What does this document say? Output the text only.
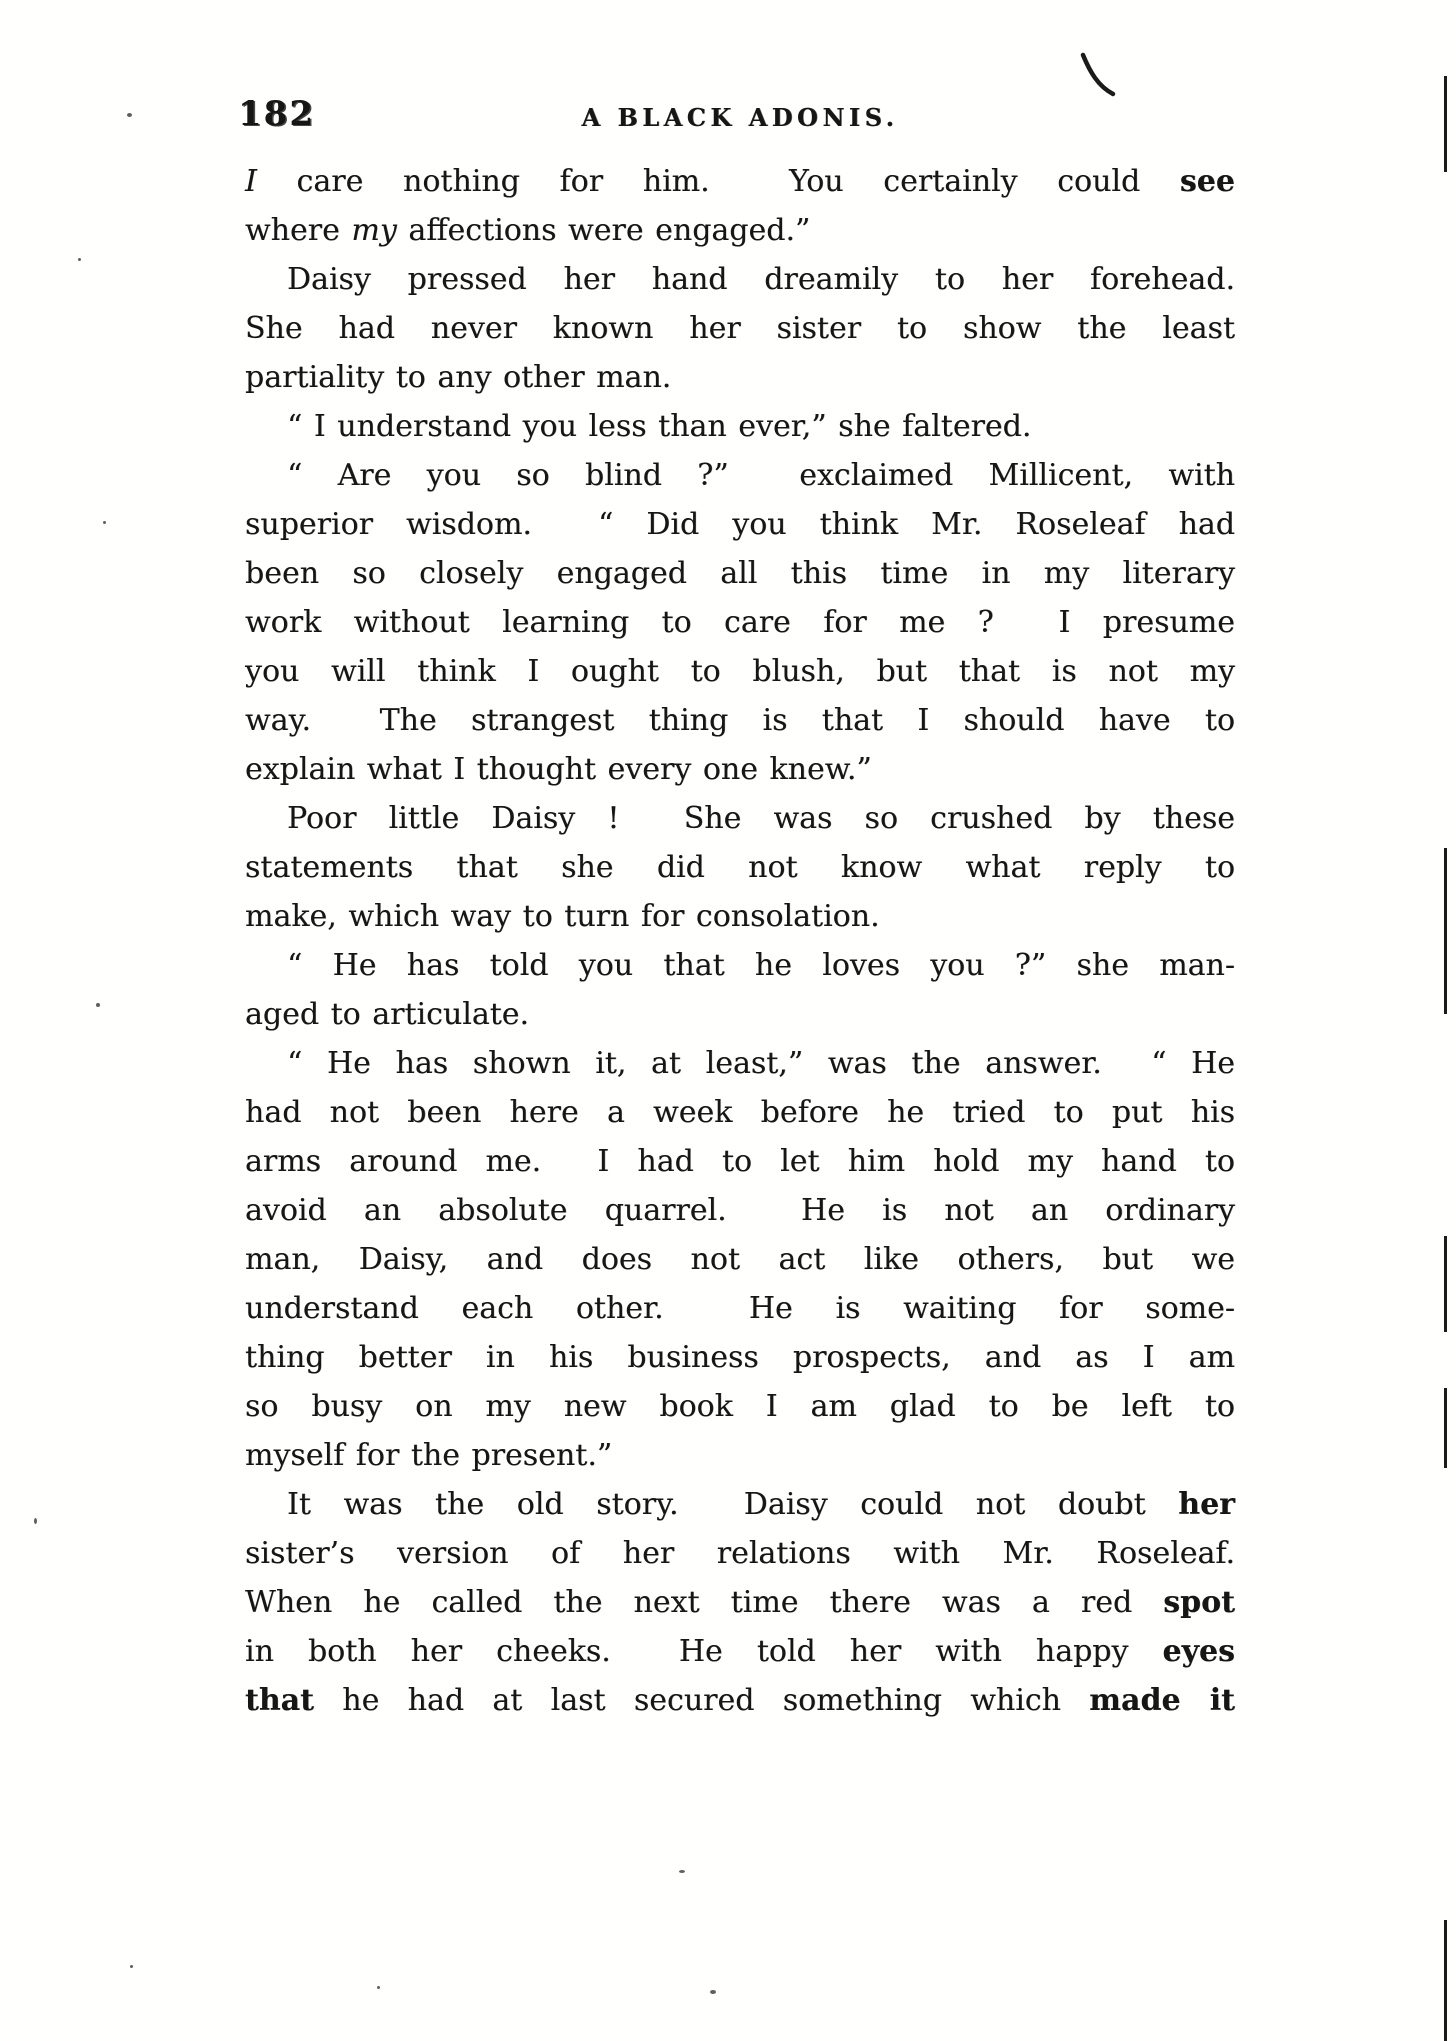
182	A BLACK ADONIS.
I care nothing for him.  You certainly could see
where my affections were engaged.”
Daisy pressed her hand dreamily to her forehead.
She had never known her sister to show the least
partiality to any other man.
“ I understand you less than ever,” she faltered.
“ Are you so blind ?”  exclaimed Millicent, with
superior wisdom.  “ Did you think Mr. Roseleaf had
been so closely engaged all this time in my literary
work without learning to care for me ?  I presume
you will think I ought to blush, but that is not my
way.  The strangest thing is that I should have to
explain what I thought every one knew.”
Poor little Daisy !  She was so crushed by these
statements that she did not know what reply to
make, which way to turn for consolation.
“ He has told you that he loves you ?” she man-
aged to articulate.
“ He has shown it, at least,” was the answer.  “ He
had not been here a week before he tried to put his
arms around me.  I had to let him hold my hand to
avoid an absolute quarrel.  He is not an ordinary
man, Daisy, and does not act like others, but we
understand each other.  He is waiting for some-
thing better in his business prospects, and as I am
so busy on my new book I am glad to be left to
myself for the present.”
It was the old story.  Daisy could not doubt her
sister’s version of her relations with Mr. Roseleaf.
When he called the next time there was a red spot
in both her cheeks.  He told her with happy eyes
that he had at last secured something which made it
